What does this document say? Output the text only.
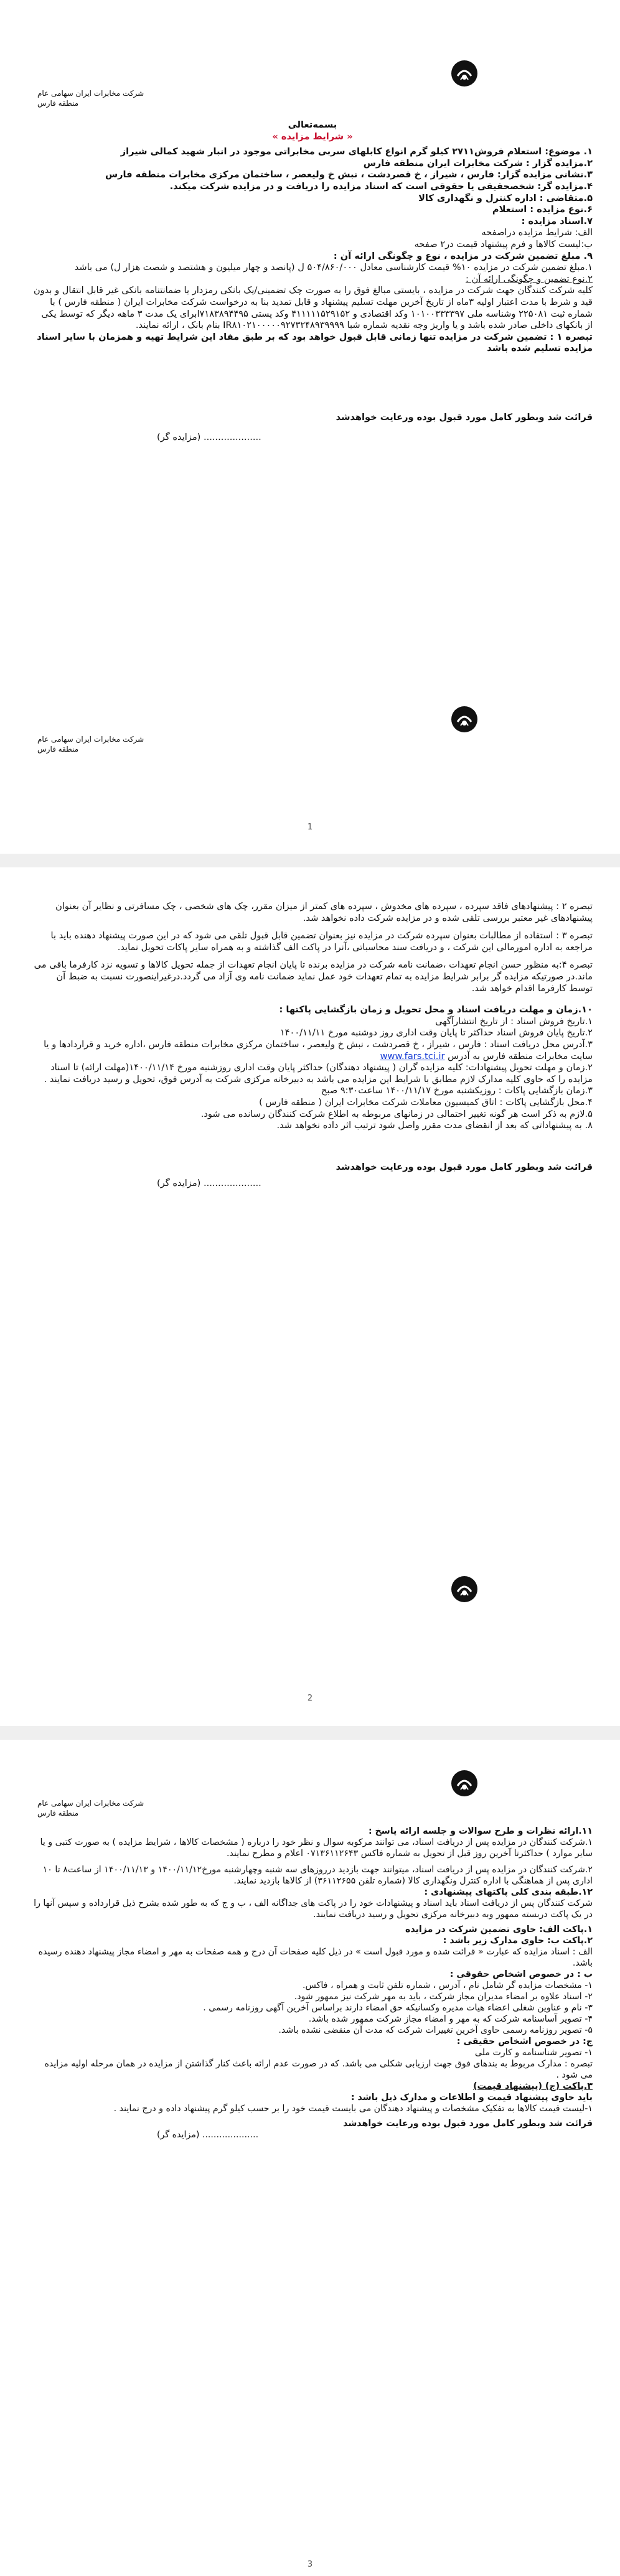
شرکت مخابرات ایران سهامی عام
منطقه فارس

بسمه‌تعالی

« شرایط مزایده »

۱. موضوع: استعلام فروش۲۷۱۱ کیلو گرم انواع کابلهای سربی مخابراتی موجود در انبار شهید کمالی شیراز

۲.مزایده گزار : شرکت مخابرات ایران منطقه فارس

۳.نشانی مزایده گزار: فارس ، شیراز ، خ قصردشت ، نبش خ ولیعصر ، ساختمان مرکزی مخابرات منطقه فارس

۴.مزایده گر: شخصحقیقی یا حقوقی است که اسناد مزایده را دریافت و در مزایده شرکت میکند.

۵.متقاضی : اداره کنترل و نگهداری کالا

۶.نوع مزایده : استعلام

۷.اسناد مزایده :

الف: شرایط مزایده دراصفحه

ب:لیست کالاها و فرم پیشنهاد قیمت در۲ صفحه

۹. مبلغ تضمین شرکت در مزایده ، نوع و چگونگی ارائه آن :

۱.مبلغ تضمین شرکت در مزایده ۱۰% قیمت کارشناسی معادل ۵۰۴/۸۶۰/۰۰۰ ل (پانصد و چهار میلیون و هشتصد و شصت هزار ل) می باشد

۲.نوع تضمین و چگونگی ارائه آن :

کلیه شرکت کنندگان جهت شرکت در مزایده ، بایستی مبالغ فوق را به صورت چک تضمینی/یک بانکی رمزدار یا ضمانتنامه بانکی غیر قابل انتقال و بدون قید و شرط با مدت اعتبار اولیه ۳ماه از تاریخ آخرین مهلت تسلیم پیشنهاد و قابل تمدید بنا به درخواست شرکت مخابرات ایران ( منطقه فارس ) با شماره ثبت ۲۲۵۰۸۱ وشناسه ملی ۱۰۱۰۰۳۳۳۳۹۷ وکد اقتصادی و ۴۱۱۱۱۱۵۲۹۱۵۲ وکد پستی ۷۱۸۳۸۹۴۴۹۵ابرای یک مدت ۳ ماهه دیگر که توسط یکی از بانکهای داخلی صادر شده باشد و یا واریز وجه نقدیه شماره شبا IR۸۱۰۲۱۰۰۰۰۰۹۲۷۳۲۴۸۹۳۹۹۹۹ بنام بانک ، ارائه نمایند.

تبصره ۱ : تضمین شرکت در مزایده تنها زمانی قابل قبول خواهد بود که بر طبق مفاد این شرایط تهیه و همزمان با سایر اسناد مزایده تسلیم شده باشد

قرائت شد وبطور کامل مورد قبول بوده ورعایت خواهدشد

(مزایده گر) ....................

شرکت مخابرات ایران سهامی عام
منطقه فارس
1

تبصره ۲ : پیشنهادهای فاقد سپرده ، سپرده های مخدوش ، سپرده های کمتر از میزان مقرر، چک های شخصی ، چک مسافرتی و نظایر آن بعنوان پیشنهادهای غیر معتبر بررسی تلقی شده و در مزایده شرکت داده نخواهد شد.

تبصره ۳ : استفاده از مطالبات بعنوان سپرده شرکت در مزایده نیز بعنوان تضمین قابل قبول تلقی می شود که در این صورت پیشنهاد دهنده باید با مراجعه به اداره امورمالی این شرکت ، و دریافت سند محاسباتی ،آنرا در پاکت الف گذاشته و به همراه سایر پاکات تحویل نماید.

تبصره ۴:به منظور حسن انجام تعهدات ،ضمانت نامه شرکت در مزایده برنده تا پایان انجام تعهدات از جمله تحویل کالاها و تسویه نزد کارفرما باقی می ماند.در صورتیکه مزایده گر برابر شرایط مزایده به تمام تعهدات خود عمل نماید ضمانت نامه وی آزاد می گردد.درغیراینصورت نسبت به ضبط آن توسط کارفرما اقدام خواهد شد.

۱۰.زمان و مهلت دریافت اسناد و محل تحویل و زمان بازگشایی پاکتها :

۱.تاریخ فروش اسناد : از تاریخ انتشارآگهی

۲.تاریخ پایان فروش اسناد حداکثر تا پایان وقت اداری روز دوشنبه مورخ ۱۴۰۰/۱۱/۱۱

۳.آدرس محل دریافت اسناد : فارس ، شیراز ، خ قصردشت ، نبش خ ولیعصر ، ساختمان مرکزی مخابرات منطقه فارس ،اداره خرید و قراردادها و یا سایت مخابرات منطقه فارس به آدرس www.fars.tci.ir

۲.زمان و مهلت تحویل پیشنهادات: کلیه مزایده گران ( پیشنهاد دهندگان) حداکثر پایان وقت اداری روزشنبه مورخ ۱۴۰۰/۱۱/۱۴(مهلت ارائه) تا اسناد مزایده را که حاوی کلیه مدارک لازم مطابق با شرایط این مزایده می باشد به دبیرخانه مرکزی شرکت به آدرس فوق، تحویل و رسید دریافت نمایند .

۳.زمان بازگشایی پاکات : روزیکشنبه مورخ ۱۴۰۰/۱۱/۱۷ ساعت۹:۳۰ صبح

۴.محل بازگشایی پاکات : اتاق کمیسیون معاملات شرکت مخابرات ایران ( منطقه فارس )

۵.لازم به ذکر است هر گونه تغییر احتمالی در زمانهای مربوطه به اطلاع شرکت کنندگان رسانده می شود.

۸. به پیشنهاداتی که بعد از انقضای مدت مقرر واصل شود ترتیب اثر داده نخواهد شد.

قرائت شد وبطور کامل مورد قبول بوده ورعایت خواهدشد

(مزایده گر) ....................

2
شرکت مخابرات ایران سهامی عام
منطقه فارس

۱۱.ارائه نظرات و طرح سوالات و جلسه ارائه پاسخ :

۱.شرکت کنندگان در مزایده پس از دریافت اسناد، می توانند مرکوبه سوال و نظر خود را درباره ( مشخصات کالاها ، شرایط مزایده ) به صورت کتبی و یا سایر موارد ) حداکثرتا آخرین روز قبل از تحویل به شماره فاکس ۰۷۱۳۶۱۱۲۶۴۳ اعلام و مطرح نمایند.

۲.شرکت کنندگان در مزایده پس از دریافت اسناد، میتوانند جهت بازدید درروزهای سه شنبه وچهارشنبه مورخ۱۴۰۰/۱۱/۱۲ و ۱۴۰۰/۱۱/۱۳ از ساعت۸ تا ۱۰ اداری پس از هماهنگی با اداره کنترل ونگهداری کالا (شماره تلفن ۳۶۱۱۲۶۵۵) از کالاها بازدید نمایند.

۱۲.طبقه بندی کلی پاکتهای پیشنهادی :

شرکت کنندگان پس از دریافت اسناد باید اسناد و پیشنهادات خود را در پاکت های جداگانه الف ، ب و ج که به طور شده بشرح ذیل قرارداده و سپس آنها را در یک پاکت دربسته ممهور وبه دبیرخانه مرکزی تحویل و رسید دریافت نمایند.

۱.پاکت الف: حاوی تضمین شرکت در مزایده

۲.پاکت ب: حاوی مدارک زیر باشد :

الف : اسناد مزایده که عبارت « قرائت شده و مورد قبول است » در ذیل کلیه صفحات آن درج و همه صفحات به مهر و امضاء مجاز پیشنهاد دهنده رسیده باشد.

ب : در خصوص اشخاص حقوقی :

۱- مشخصات مزایده گر شامل نام ، آدرس ، شماره تلفن ثابت و همراه ، فاکس.

۲- اسناد علاوه بر امضاء مدیران مجاز شرکت ، باید به مهر شرکت نیز ممهور شود.

۳- نام و عناوین شغلی اعضاء هیات مدیره وکسانیکه حق امضاء دارند براساس آخرین آگهی روزنامه رسمی .

۴- تصویر آساسنامه شرکت که به مهر و امضاء مجاز شرکت ممهور شده باشد.

۵- تصویر روزنامه رسمی حاوی آخرین تغییرات شرکت که مدت آن منقضی نشده باشد.

ج: در خصوص اشخاص حقیقی :

۱- تصویر شناسنامه و کارت ملی

تبصره : مدارک مربوط به بندهای فوق جهت ارزیابی شکلی می باشد. که در صورت عدم ارائه باعث کنار گذاشتن از مزایده در همان مرحله اولیه مزایده می شود .

۳.پاکت (ج) (پیشنهاد قیمت)

باید حاوی پیشنهاد قیمت و اطلاعات و مدارک ذیل باشد :

۱-لیست قیمت کالاها به تفکیک مشخصات و پیشنهاد دهندگان می بایست قیمت خود را بر حسب کیلو گرم پیشنهاد داده و درج نمایند .

قرائت شد وبطور کامل مورد قبول بوده ورعایت خواهدشد

(مزایده گر) ....................

3
